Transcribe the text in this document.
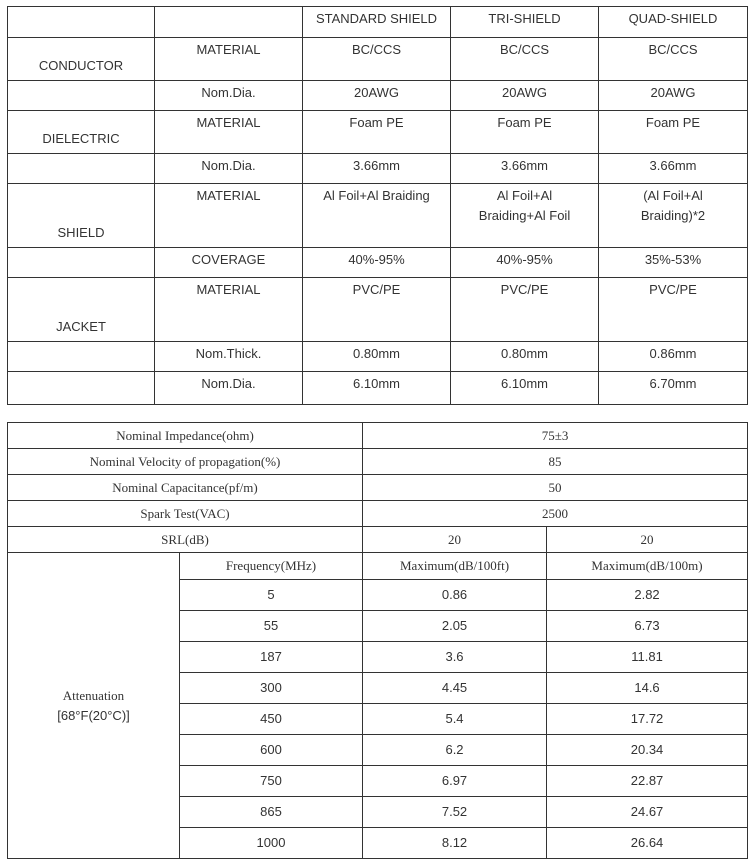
		STANDARD SHIELD	TRI-SHIELD	QUAD-SHIELD
CONDUCTOR	MATERIAL	BC/CCS	BC/CCS	BC/CCS
	Nom.Dia.	20AWG	20AWG	20AWG
DIELECTRIC	MATERIAL	Foam PE	Foam PE	Foam PE
	Nom.Dia.	3.66mm	3.66mm	3.66mm
SHIELD	MATERIAL	Al Foil+Al Braiding	Al Foil+Al Braiding+Al Foil	(Al Foil+Al Braiding)*2
	COVERAGE	40%-95%	40%-95%	35%-53%
JACKET	MATERIAL	PVC/PE	PVC/PE	PVC/PE
	Nom.Thick.	0.80mm	0.80mm	0.86mm
	Nom.Dia.	6.10mm	6.10mm	6.70mm
Nominal Impedance(ohm)		75±3	
Nominal Velocity of propagation(%)		85	
Nominal Capacitance(pf/m)		50	
Spark Test(VAC)		2500	
SRL(dB)		20	20

Attenuation
[68°F(20°C)]	Frequency(MHz)	Maximum(dB/100ft)	Maximum(dB/100m)
	5	0.86	2.82
	55	2.05	6.73
	187	3.6	11.81
	300	4.45	14.6
	450	5.4	17.72
	600	6.2	20.34
	750	6.97	22.87
	865	7.52	24.67
	1000	8.12	26.64
